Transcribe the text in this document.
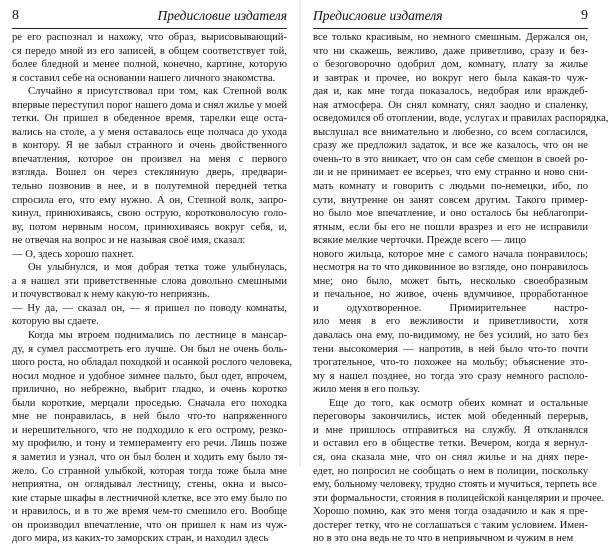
8	Предисловие издателя
ре его распознал и нахожу, что образ, вырисовывающий-
ся передо мной из его записей, в общем соответствует той,
более бледной и менее полной, конечно, картине, которую
я составил себе на основании нашего личного знакомства.
Случайно я присутствовал при том, как Степной волк
впервые переступил порог нашего дома и снял жилье у моей
тетки. Он пришел в обеденное время, тарелки еще оста-
вались на столе, а у меня оставалось еще полчаса до ухода
в контору. Я не забыл странного и очень двойственного
впечатления, которое он произвел на меня с первого
взгляда. Вошел он через стеклянную дверь, предвари-
тельно позвонив в нее, и в полутемной передней тетка
спросила его, что ему нужно. А он, Степной волк, запро-
кинул, принюхиваясь, свою острую, коротковолосую голо-
ву, потом нервным носом, принюхиваясь вокруг себя, и,
не отвечая на вопрос и не называя своё имя, сказал:
— О, здесь хорошо пахнет.
Он улыбнулся, и моя добрая тетка тоже улыбнулась,
а я нашел эти приветственные слова довольно смешными
и почувствовал к нему какую-то неприязнь.
— Ну да, — сказал он, — я пришел по поводу комнаты,
которую вы сдаете.
Когда мы втроем поднимались по лестнице в мансар-
ду, я сумел рассмотреть его лучше. Он был не очень боль-
шого роста, но обладал походкой и осанкой рослого человека,
носил модное и удобное зимнее пальто, был одет, впрочем,
прилично, но небрежно, выбрит гладко, и очень коротко
были короткие, мерцали проседью. Сначала его походка
мне не понравилась, в ней было что-то напряженного
и нерешительного, что не подходило к его острому, резко-
му профилю, и тону и темпераменту его речи. Лишь позже
я заметил и узнал, что он был болен и ходить ему было тя-
жело. Со странной улыбкой, которая тогда тоже была мне
неприятна, он оглядывал лестницу, стены, окна и высо-
кие старые шкафы в лестничной клетке, все это ему было по
и нравилось, и в то же время чем-то смешило его. Вообще
он производил впечатление, что он пришел к нам из чуж-
дого мира, из каких-то заморских стран, и находил здесь
Предисловие издателя	9
все только красивым, но немного смешным. Держался он,
что ни скажешь, вежливо, даже приветливо, сразу и без-
о безоговорочно одобрил дом, комнату, плату за жилье
и завтрак и прочее, но вокруг него была какая-то чуж-
дая и, как мне тогда показалось, недобрая или враждеб-
ная атмосфера. Он снял комнату, снял заодно и спаленку,
осведомился об отоплении, воде, услугах и правилах распорядка,
выслушал все внимательно и любезно, со всем согласился,
сразу же предложил задаток, и все же казалось, что он не
очень-то в это вникает, что он сам себе смешон в своей ро-
ли и не принимает ее всерьез, что ему странно и ново сни-
мать комнату и говорить с людьми по-немецки, ибо, по
сути, внутренне он занят совсем другим. Такого пример-
но было мое впечатление, и оно осталось бы неблагопри-
ятным, если бы его не пошли вразрез и его не исправили
всякие мелкие черточки. Прежде всего — лицо
нового жильца, которое мне с самого начала понравилось;
несмотря на то что диковинное во взгляде, оно понравилось
мне; оно было, может быть, несколько своеобразным
и печальное, но живое, очень вдумчивое, проработанное
и одухотворенное. Примирительнее настро-
ило меня в его вежливости и приветливости, хотя
давалась она ему, по-видимому, не без усилий, но зато без
тени высокомерия — напротив, в ней было что-то почти
трогательное, что-то похожее на мольбу; объяснение это-
му я нашел позднее, но тогда это сразу немного располо-
жило меня в его пользу.
Еще до того, как осмотр обеих комнат и остальные
переговоры закончились, истек мой обеденный перерыв,
и мне пришлось отправиться на службу. Я откланялся
и оставил его в обществе тетки. Вечером, когда я вернул-
ся, она сказала мне, что он снял жилье и на днях пере-
едет, но попросил не сообщать о нем в полиции, поскольку
ему, больному человеку, трудно стоять и мучиться, терпеть все
эти формальности, стояния в полицейской канцелярии и прочее.
Хорошо помню, как это меня тогда озадачило и как я пре-
достерег тетку, что не соглашаться с таким условием. Имен-
но в это она ведь не то что в непривычном и чужим в нем
